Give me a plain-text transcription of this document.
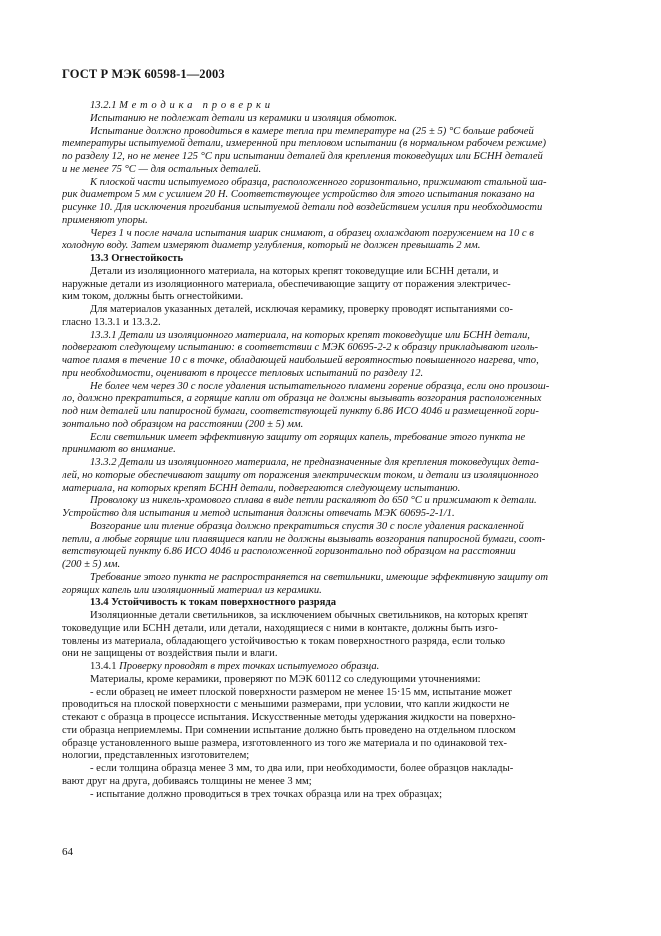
ГОСТ Р МЭК 60598-1—2003
13.2.1 Методика проверки
Испытанию не подлежат детали из керамики и изоляция обмоток.
Испытание должно проводиться в камере тепла при температуре на (25 ± 5) °С больше рабочей
температуры испытуемой детали, измеренной при тепловом испытании (в нормальном рабочем режиме)
по разделу 12, но не менее 125 °С при испытании деталей для крепления токоведущих или БСНН деталей
и не менее 75 °С — для остальных деталей.
К плоской части испытуемого образца, расположенного горизонтально, прижимают стальной ша-
рик диаметром 5 мм с усилием 20 Н. Соответствующее устройство для этого испытания показано на
рисунке 10. Для исключения прогибания испытуемой детали под воздействием усилия при необходимости
применяют упоры.
Через 1 ч после начала испытания шарик снимают, а образец охлаждают погружением на 10 с в
холодную воду. Затем измеряют диаметр углубления, который не должен превышать 2 мм.
13.3 Огнестойкость
Детали из изоляционного материала, на которых крепят токоведущие или БСНН детали, и
наружные детали из изоляционного материала, обеспечивающие защиту от поражения электричес-
ким током, должны быть огнестойкими.
Для материалов указанных деталей, исключая керамику, проверку проводят испытаниями со-
гласно 13.3.1 и 13.3.2.
13.3.1 Детали из изоляционного материала, на которых крепят токоведущие или БСНН детали,
подвергают следующему испытанию: в соответствии с МЭК 60695-2-2 к образцу прикладывают иголь-
чатое пламя в течение 10 с в точке, обладающей наибольшей вероятностью повышенного нагрева, что,
при необходимости, оценивают в процессе тепловых испытаний по разделу 12.
Не более чем через 30 с после удаления испытательного пламени горение образца, если оно произош-
ло, должно прекратиться, а горящие капли от образца не должны вызывать возгорания расположенных
под ним деталей или папиросной бумаги, соответствующей пункту 6.86 ИСО 4046 и размещенной гори-
зонтально под образцом на расстоянии (200 ± 5) мм.
Если светильник имеет эффективную защиту от горящих капель, требование этого пункта не
принимают во внимание.
13.3.2 Детали из изоляционного материала, не предназначенные для крепления токоведущих дета-
лей, но которые обеспечивают защиту от поражения электрическим током, и детали из изоляционного
материала, на которых крепят БСНН детали, подвергаются следующему испытанию.
Проволоку из никель-хромового сплава в виде петли раскаляют до 650 °С и прижимают к детали.
Устройство для испытания и метод испытания должны отвечать МЭК 60695-2-1/1.
Возгорание или тление образца должно прекратиться спустя 30 с после удаления раскаленной
петли, а любые горящие или плавящиеся капли не должны вызывать возгорания папиросной бумаги, соот-
ветствующей пункту 6.86 ИСО 4046 и расположенной горизонтально под образцом на расстоянии
(200 ± 5) мм.
Требование этого пункта не распространяется на светильники, имеющие эффективную защиту от
горящих капель или изоляционный материал из керамики.
13.4 Устойчивость к токам поверхностного разряда
Изоляционные детали светильников, за исключением обычных светильников, на которых крепят
токоведущие или БСНН детали, или детали, находящиеся с ними в контакте, должны быть изго-
товлены из материала, обладающего устойчивостью к токам поверхностного разряда, если только
они не защищены от воздействия пыли и влаги.
13.4.1 Проверку проводят в трех точках испытуемого образца.
Материалы, кроме керамики, проверяют по МЭК 60112 со следующими уточнениями:
- если образец не имеет плоской поверхности размером не менее 15·15 мм, испытание может
проводиться на плоской поверхности с меньшими размерами, при условии, что капли жидкости не
стекают с образца в процессе испытания. Искусственные методы удержания жидкости на поверхно-
сти образца неприемлемы. При сомнении испытание должно быть проведено на отдельном плоском
образце установленного выше размера, изготовленного из того же материала и по одинаковой тех-
нологии, представленных изготовителем;
- если толщина образца менее 3 мм, то два или, при необходимости, более образцов наклады-
вают друг на друга, добиваясь толщины не менее 3 мм;
- испытание должно проводиться в трех точках образца или на трех образцах;
64
